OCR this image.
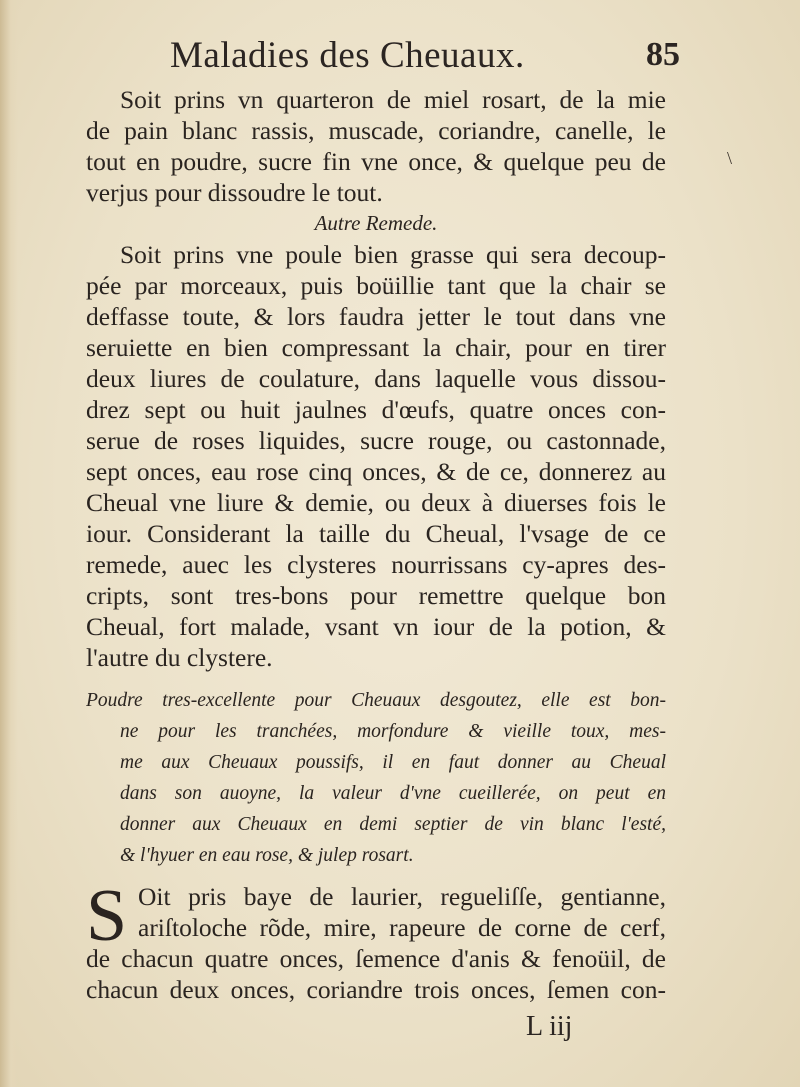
Maladies des Cheuaux.	85
\
Soit prins vn quarteron de miel rosart, de la mie
de pain blanc rassis, muscade, coriandre, canelle, le
tout en poudre, sucre fin vne once, & quelque peu de
verjus pour dissoudre le tout.
Autre Remede.
Soit prins vne poule bien grasse qui sera decoup-
pée par morceaux, puis boüillie tant que la chair se
deffasse toute, & lors faudra jetter le tout dans vne
seruiette en bien compressant la chair, pour en tirer
deux liures de coulature, dans laquelle vous dissou-
drez sept ou huit jaulnes d'œufs, quatre onces con-
serue de roses liquides, sucre rouge, ou castonnade,
sept onces, eau rose cinq onces, & de ce, donnerez au
Cheual vne liure & demie, ou deux à diuerses fois le
iour. Considerant la taille du Cheual, l'vsage de ce
remede, auec les clysteres nourrissans cy-apres des-
cripts, sont tres-bons pour remettre quelque bon
Cheual, fort malade, vsant vn iour de la potion, &
l'autre du clystere.
Poudre tres-excellente pour Cheuaux desgoutez, elle est bon-
ne pour les tranchées, morfondure & vieille toux, mes-
me aux Cheuaux poussifs, il en faut donner au Cheual
dans son auoyne, la valeur d'vne cueillerée, on peut en
donner aux Cheuaux en demi septier de vin blanc l'esté,
& l'hyuer en eau rose, & julep rosart.
S Oit pris baye de laurier, regueliſſe, gentianne,
ariſtoloche rõde, mire, rapeure de corne de cerf,
de chacun quatre onces, ſemence d'anis & fenoüil, de
chacun deux onces, coriandre trois onces, ſemen con-
L iij
